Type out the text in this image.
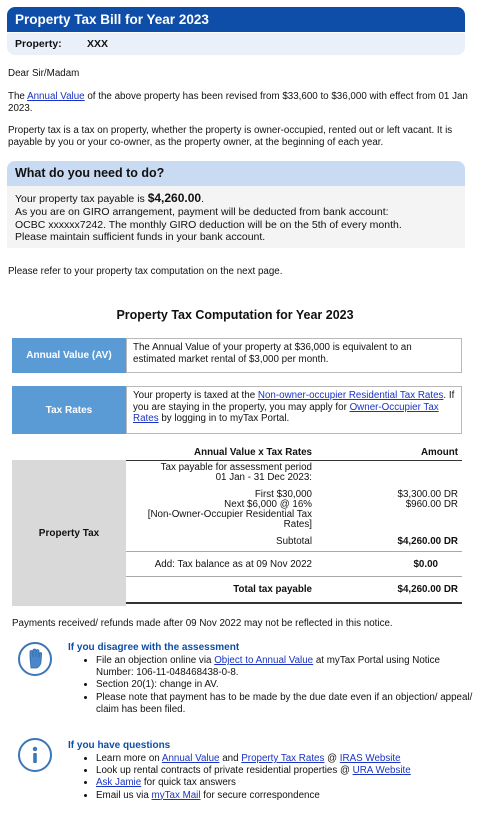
Property Tax Bill for Year 2023
Property: XXX
Dear Sir/Madam
The Annual Value of the above property has been revised from $33,600 to $36,000 with effect from 01 Jan 2023.
Property tax is a tax on property, whether the property is owner-occupied, rented out or left vacant. It is payable by you or your co-owner, as the property owner, at the beginning of each year.
What do you need to do?
Your property tax payable is $4,260.00.
As you are on GIRO arrangement, payment will be deducted from bank account:
OCBC xxxxxx7242. The monthly GIRO deduction will be on the 5th of every month.
Please maintain sufficient funds in your bank account.
Please refer to your property tax computation on the next page.
Property Tax Computation for Year 2023
Annual Value (AV)
The Annual Value of your property at $36,000 is equivalent to an estimated market rental of $3,000 per month.
Tax Rates
Your property is taxed at the Non-owner-occupier Residential Tax Rates. If you are staying in the property, you may apply for Owner-Occupier Tax Rates by logging in to myTax Portal.
Property Tax
Annual Value x Tax Rates	Amount
Tax payable for assessment period
01 Jan - 31 Dec 2023:
First $30,000	$3,300.00 DR
Next $6,000 @ 16%	$960.00 DR
[Non-Owner-Occupier Residential Tax
Rates]
Subtotal	$4,260.00 DR
Add: Tax balance as at 09 Nov 2022	$0.00
Total tax payable	$4,260.00 DR
Payments received/ refunds made after 09 Nov 2022 may not be reflected in this notice.
If you disagree with the assessment
• File an objection online via Object to Annual Value at myTax Portal using Notice Number: 106-11-048468438-0-8.
• Section 20(1): change in AV.
• Please note that payment has to be made by the due date even if an objection/ appeal/ claim has been filed.
If you have questions
• Learn more on Annual Value and Property Tax Rates @ IRAS Website
• Look up rental contracts of private residential properties @ URA Website
• Ask Jamie for quick tax answers
• Email us via myTax Mail for secure correspondence
